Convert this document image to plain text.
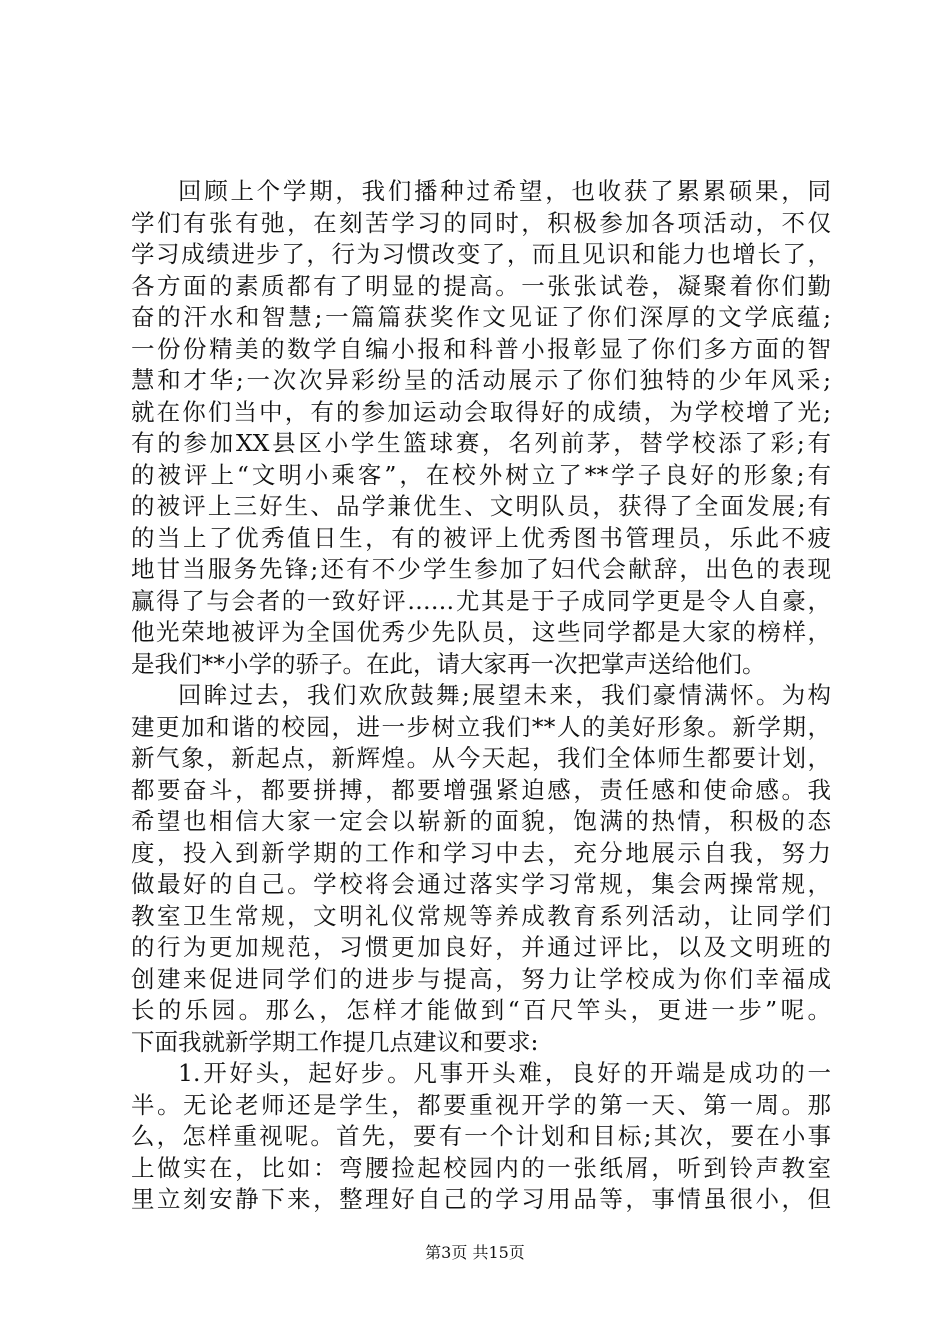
回顾上个学期，我们播种过希望，也收获了累累硕果，同
学们有张有弛，在刻苦学习的同时，积极参加各项活动，不仅
学习成绩进步了，行为习惯改变了，而且见识和能力也增长了，
各方面的素质都有了明显的提高。一张张试卷，凝聚着你们勤
奋的汗水和智慧;一篇篇获奖作文见证了你们深厚的文学底蕴;
一份份精美的数学自编小报和科普小报彰显了你们多方面的智
慧和才华;一次次异彩纷呈的活动展示了你们独特的少年风采;
就在你们当中，有的参加运动会取得好的成绩，为学校增了光;
有的参加XX县区小学生篮球赛，名列前茅，替学校添了彩;有
的被评上“文明小乘客”，在校外树立了**学子良好的形象;有
的被评上三好生、品学兼优生、文明队员，获得了全面发展;有
的当上了优秀值日生，有的被评上优秀图书管理员，乐此不疲
地甘当服务先锋;还有不少学生参加了妇代会献辞，出色的表现
赢得了与会者的一致好评……尤其是于子成同学更是令人自豪，
他光荣地被评为全国优秀少先队员，这些同学都是大家的榜样，
是我们**小学的骄子。在此，请大家再一次把掌声送给他们。
回眸过去，我们欢欣鼓舞;展望未来，我们豪情满怀。为构
建更加和谐的校园，进一步树立我们**人的美好形象。新学期，
新气象，新起点，新辉煌。从今天起，我们全体师生都要计划，
都要奋斗，都要拼搏，都要增强紧迫感，责任感和使命感。我
希望也相信大家一定会以崭新的面貌，饱满的热情，积极的态
度，投入到新学期的工作和学习中去，充分地展示自我，努力
做最好的自己。学校将会通过落实学习常规，集会两操常规，
教室卫生常规，文明礼仪常规等养成教育系列活动，让同学们
的行为更加规范，习惯更加良好，并通过评比，以及文明班的
创建来促进同学们的进步与提高，努力让学校成为你们幸福成
长的乐园。那么，怎样才能做到“百尺竿头，更进一步”呢。
下面我就新学期工作提几点建议和要求:
1.开好头，起好步。凡事开头难，良好的开端是成功的一
半。无论老师还是学生，都要重视开学的第一天、第一周。那
么，怎样重视呢。首先，要有一个计划和目标;其次，要在小事
上做实在，比如：弯腰捡起校园内的一张纸屑，听到铃声教室
里立刻安静下来，整理好自己的学习用品等，事情虽很小，但
第3页 共15页
